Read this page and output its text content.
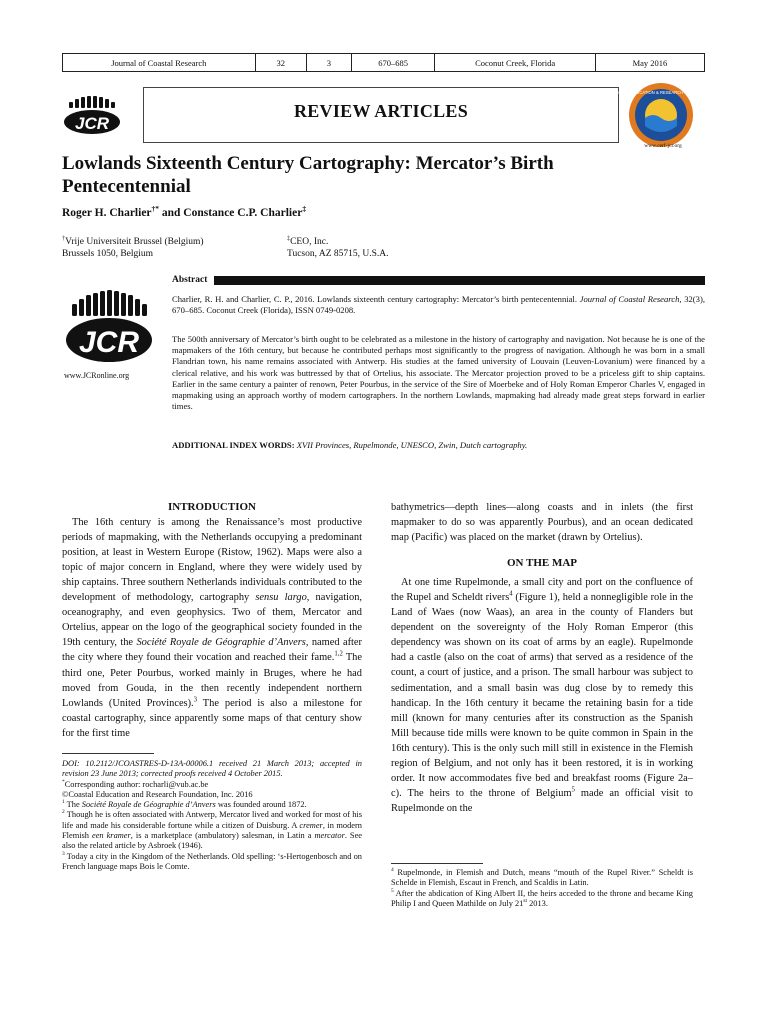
Journal of Coastal Research	32	3	670–685	Coconut Creek, Florida	May 2016
JCR
REVIEW ARTICLES
COASTAL EDUCATION & RESEARCH FOUNDATION
www.cerf-jcr.org
Lowlands Sixteenth Century Cartography: Mercator’s Birth
Pentecentennial
Roger H. Charlier†* and Constance C.P. Charlier‡
†Vrije Universiteit Brussel (Belgium)
Brussels 1050, Belgium
‡CEO, Inc.
Tucson, AZ 85715, U.S.A.
Abstract
JCR
www.JCRonline.org

Charlier, R. H. and Charlier, C. P., 2016. Lowlands sixteenth century cartography: Mercator’s birth pentecentennial. Journal of Coastal Research, 32(3), 670–685. Coconut Creek (Florida), ISSN 0749-0208.

The 500th anniversary of Mercator’s birth ought to be celebrated as a milestone in the history of cartography and navigation. Not because he is one of the mapmakers of the 16th century, but because he contributed perhaps most significantly to the progress of navigation. Although he was born in a small Flandrian town, his name remains associated with Antwerp. His studies at the famed university of Louvain (Leuven-Lovanium) were financed by a clerical relative, and his work was buttressed by that of Ortelius, his associate. The Mercator projection proved to be a priceless gift to ship captains. Earlier in the same century a painter of renown, Peter Pourbus, in the service of the Sire of Moerbeke and of Holy Roman Emperor Charles V, engaged in mapmaking using an approach worthy of modern cartographers. In the northern Lowlands, mapmaking had already made great steps forward in earlier times.

ADDITIONAL INDEX WORDS: XVII Provinces, Rupelmonde, UNESCO, Zwin, Dutch cartography.

INTRODUCTION

The 16th century is among the Renaissance’s most productive periods of mapmaking, with the Netherlands occupying a predominant position, at least in Western Europe (Ristow, 1962). Maps were also a topic of major concern in England, where they were widely used by ship captains. Three southern Netherlands individuals contributed to the development of methodology, cartography sensu largo, navigation, oceanography, and even geophysics. Two of them, Mercator and Ortelius, appear on the logo of the geographical society founded in the 19th century, the Société Royale de Géographie d’Anvers, named after the city where they found their vocation and reached their fame.$^{1,2}$ The third one, Peter Pourbus, worked mainly in Bruges, where he had moved from Gouda, in the then recently independent northern Lowlands (United Provinces).$^3$ The period is also a milestone for coastal cartography, since apparently some maps of that century show for the first time

DOI: 10.2112/JCOASTRES-D-13A-00006.1 received 21 March 2013; accepted in revision 23 June 2013; corrected proofs received 4 October 2015.

*Corresponding author: rocharli@vub.ac.be

©Coastal Education and Research Foundation, Inc. 2016

$^1$ The Société Royale de Géographie d’Anvers was founded around 1872.

$^2$ Though he is often associated with Antwerp, Mercator lived and worked for most of his life and made his considerable fortune while a citizen of Duisburg. A cremer, in modern Flemish een kramer, is a marketplace (ambulatory) salesman, in Latin a mercator. See also the related article by Asbroek (1946).

$^3$ Today a city in the Kingdom of the Netherlands. Old spelling: ‘s-Hertogenbosch and on French language maps Bois le Comte.

bathymetrics—depth lines—along coasts and in inlets (the first mapmaker to do so was apparently Pourbus), and an ocean dedicated map (Pacific) was placed on the market (drawn by Ortelius).

ON THE MAP

At one time Rupelmonde, a small city and port on the confluence of the Rupel and Scheldt rivers$^4$ (Figure 1), held a nonnegligible role in the Land of Waes (now Waas), an area in the county of Flanders but dependent on the sovereignty of the Holy Roman Emperor (this dependency was shown on its coat of arms by an eagle). Rupelmonde had a castle (also on the coat of arms) that served as a residence of the count, a court of justice, and a prison. The small harbour was subject to sedimentation, and a small basin was dug close by to remedy this handicap. In the 16th century it became the retaining basin for a tide mill (known for many centuries after its construction as the Spanish Mill because tide mills were known to be quite common in Spain in the 16th century). This is the only such mill still in existence in the Flemish region of Belgium, and not only has it been restored, it is in working order. It now accommodates five bed and breakfast rooms (Figure 2a–c). The heirs to the throne of Belgium$^5$ made an official visit to Rupelmonde on the

$^4$ Rupelmonde, in Flemish and Dutch, means “mouth of the Rupel River.” Scheldt is Schelde in Flemish, Escaut in French, and Scaldis in Latin.

$^5$ After the abdication of King Albert II, the heirs acceded to the throne and became King Philip I and Queen Mathilde on July 21st 2013.
